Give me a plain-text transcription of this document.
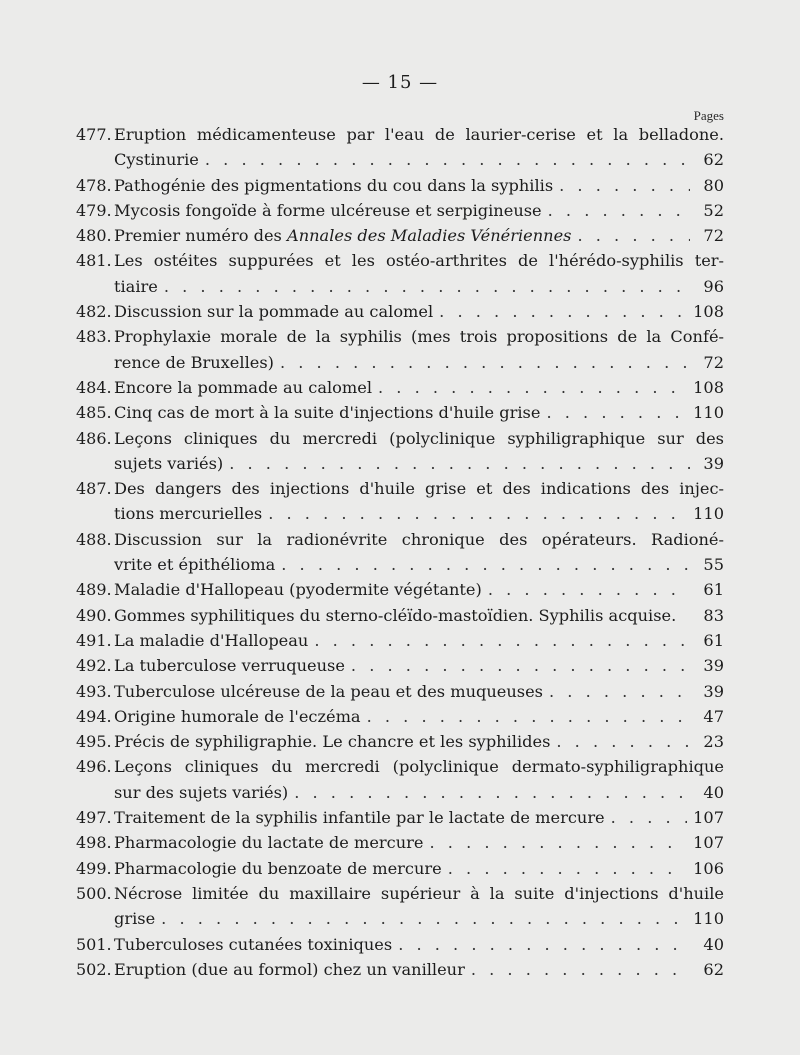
— 15 —
Pages
477. Eruption médicamenteuse par l'eau de laurier-cerise et la belladone.
Cystinurie . . .	62
478. Pathogénie des pigmentations du cou dans la syphilis . . .	80
479. Mycosis fongoïde à forme ulcéreuse et serpigineuse . . .	52
480. Premier numéro des Annales des Maladies Vénériennes . . .	72
481. Les ostéites suppurées et les ostéo-arthrites de l'hérédo-syphilis ter-
tiaire . . .	96
482. Discussion sur la pommade au calomel . . .	108
483. Prophylaxie morale de la syphilis (mes trois propositions de la Confé-
rence de Bruxelles) . . .	72
484. Encore la pommade au calomel . . .	108
485. Cinq cas de mort à la suite d'injections d'huile grise . . .	110
486. Leçons cliniques du mercredi (polyclinique syphiligraphique sur des
sujets variés) . . .	39
487. Des dangers des injections d'huile grise et des indications des injec-
tions mercurielles . . .	110
488. Discussion sur la radionévrite chronique des opérateurs. Radioné-
vrite et épithélioma . . .	55
489. Maladie d'Hallopeau (pyodermite végétante) . . .	61
490. Gommes syphilitiques du sterno-cléïdo-mastoïdien. Syphilis acquise.	83
491. La maladie d'Hallopeau . . .	61
492. La tuberculose verruqueuse . . .	39
493. Tuberculose ulcéreuse de la peau et des muqueuses . . .	39
494. Origine humorale de l'eczéma . . .	47
495. Précis de syphiligraphie. Le chancre et les syphilides . . .	23
496. Leçons cliniques du mercredi (polyclinique dermato-syphiligraphique
sur des sujets variés) . . .	40
497. Traitement de la syphilis infantile par le lactate de mercure . . .	107
498. Pharmacologie du lactate de mercure . . .	107
499. Pharmacologie du benzoate de mercure . . .	106
500. Nécrose limitée du maxillaire supérieur à la suite d'injections d'huile
grise . . .	110
501. Tuberculoses cutanées toxiniques . . .	40
502. Eruption (due au formol) chez un vanilleur . . .	62
